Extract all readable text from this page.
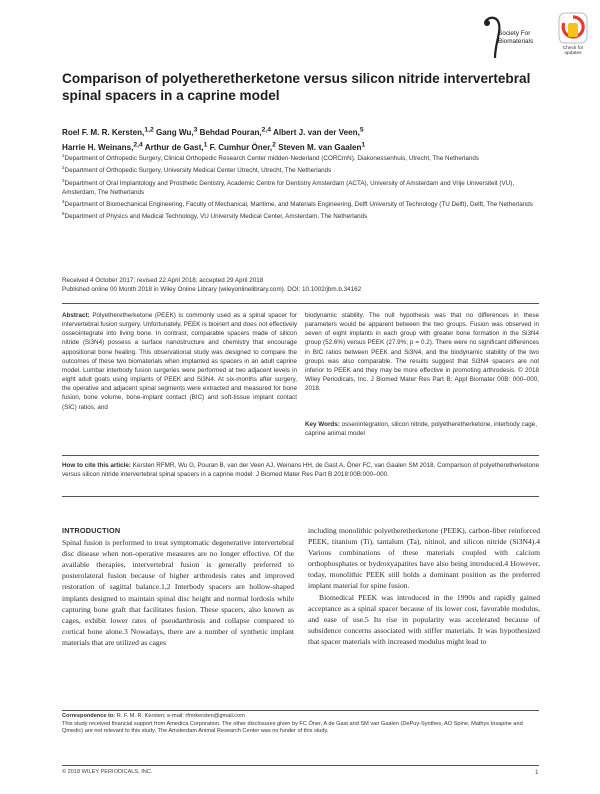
Society For
Biomaterials
Check for
updates
Comparison of polyetheretherketone versus silicon nitride intervertebral spinal spacers in a caprine model
Roel F. M. R. Kersten,$^{1,2}$ Gang Wu,$^3$ Behdad Pouran,$^{2,4}$ Albert J. van der Veen,$^5$
Harrie H. Weinans,$^{2,4}$ Arthur de Gast,$^1$ F. Cumhur Öner,$^2$ Steven M. van Gaalen$^1$

$^1$Department of Orthopedic Surgery, Clinical Orthopedic Research Center midden-Nederland (CORCmN), Diakonessenhuis, Utrecht, The Netherlands

$^2$Department of Orthopedic Surgery, University Medical Center Utrecht, Utrecht, The Netherlands

$^3$Department of Oral Implantology and Prosthetic Dentistry, Academic Centre for Dentistry Amsterdam (ACTA), University of Amsterdam and Vrije Universiteit (VU), Amsterdam, The Netherlands

$^4$Department of Biomechanical Engineering, Faculty of Mechanical, Maritime, and Materials Engineering, Delft University of Technology (TU Delft), Delft, The Netherlands

$^5$Department of Physics and Medical Technology, VU University Medical Center, Amsterdam, The Netherlands

Received 4 October 2017; revised 22 April 2018; accepted 29 April 2018

Published online 00 Month 2018 in Wiley Online Library (wileyonlinelibrary.com). DOI: 10.1002/jbm.b.34162

Abstract: Polyetheretherketone (PEEK) is commonly used as a spinal spacer for intervertebral fusion surgery. Unfortunately, PEEK is bioinert and does not effectively osseointegrate into living bone. In contrast, comparable spacers made of silicon nitride (Si3N4) possess a surface nanostructure and chemistry that encourage appositional bone healing. This observational study was designed to compare the outcomes of these two biomaterials when implanted as spacers in an adult caprine model. Lumbar interbody fusion surgeries were performed at two adjacent levels in eight adult goats using implants of PEEK and Si3N4. At six-months after surgery, the operative and adjacent spinal segments were extracted and measured for bone fusion, bone volume, bone-implant contact (BIC) and soft-tissue implant contact (SIC) ratios, and
biodynamic stability. The null hypothesis was that no differences in these parameters would be apparent between the two groups. Fusion was observed in seven of eight implants in each group with greater bone formation in the Si3N4 group (52.6%) versus PEEK (27.9%; p = 0.2). There were no significant differences in BIC ratios between PEEK and Si3N4, and the biodynamic stability of the two groups was also comparable. The results suggest that Si3N4 spacers are not inferior to PEEK and they may be more effective in promoting arthrodesis. © 2018 Wiley Periodicals, Inc. J Biomed Mater Res Part B: Appl Biomater 00B: 000–000, 2018.
Key Words: osseointegration, silicon nitride, polyetheretherketone, interbody cage, caprine animal model
How to cite this article: Kersten RFMR, Wu G, Pouran B, van der Veen AJ, Weinans HH, de Gast A, Öner FC, van Gaalen SM 2018. Comparison of polyetheretherketone versus silicon nitride intervertebral spinal spacers in a caprine model. J Biomed Mater Res Part B 2018:00B:000–000.

INTRODUCTION

Spinal fusion is performed to treat symptomatic degenerative intervertebral disc disease when non-operative measures are no longer effective. Of the available therapies, intervertebral fusion is generally preferred to posterolateral fusion because of higher arthrodesis rates and improved restoration of sagittal balance.1,2 Interbody spacers are hollow-shaped implants designed to maintain spinal disc height and normal lordosis while capturing bone graft that facilitates fusion. These spacers, also known as cages, exhibit lower rates of pseudarthrosis and collapse compared to cortical bone alone.3 Nowadays, there are a number of synthetic implant materials that are utilized as cages

including monolithic polyetheretherketone (PEEK), carbon-fiber reinforced PEEK, titanium (Ti), tantalum (Ta), nitinol, and silicon nitride (Si3N4).4 Various combinations of these materials coupled with calcium orthophosphates or hydroxyapatites have also being introduced.4 However, today, monolithic PEEK still holds a dominant position as the preferred implant material for spine fusion.

Biomedical PEEK was introduced in the 1990s and rapidly gained acceptance as a spinal spacer because of its lower cost, favorable modulus, and ease of use.5 Its rise in popularity was accelerated because of subsidence concerns associated with stiffer materials. It was hypothesized that spacer materials with increased modulus might lead to

Correspondence to: R. F. M. R. Kersten; e-mail: rfmrkersten@gmail.com

This study received financial support from Amedica Corporation. The other disclosures given by FC Öner, A de Gast and SM van Gaalen (DePuy-Synthes, AO Spine, Mathys Insapine and Qmedic) are not relevant to this study. The Amsterdam Animal Research Center was no funder of this study.

© 2018 WILEY PERIODICALS, INC.	1
